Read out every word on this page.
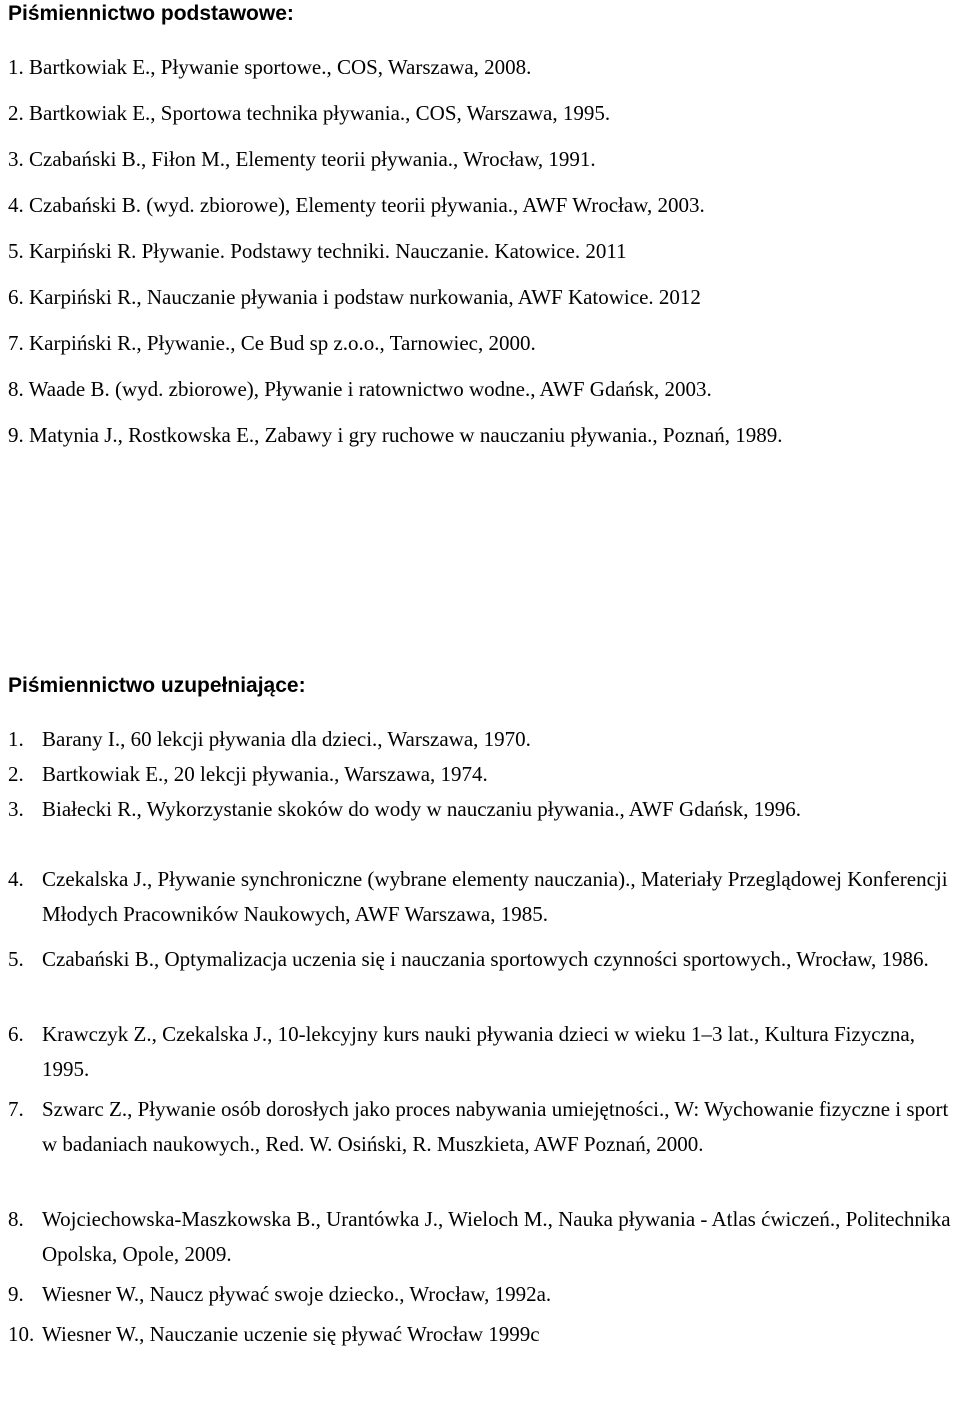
Piśmiennictwo podstawowe:
1. Bartkowiak E., Pływanie sportowe., COS, Warszawa, 2008.
2. Bartkowiak E., Sportowa technika pływania., COS, Warszawa, 1995.
3. Czabański B., Fiłon M., Elementy teorii pływania., Wrocław, 1991.
4. Czabański B. (wyd. zbiorowe), Elementy teorii pływania., AWF Wrocław, 2003.
5. Karpiński R. Pływanie. Podstawy techniki. Nauczanie. Katowice. 2011
6. Karpiński R., Nauczanie pływania i podstaw nurkowania, AWF Katowice. 2012
7. Karpiński R., Pływanie., Ce Bud sp z.o.o., Tarnowiec, 2000.
8. Waade B. (wyd. zbiorowe), Pływanie i ratownictwo wodne., AWF Gdańsk, 2003.
9. Matynia J., Rostkowska E., Zabawy i gry ruchowe w nauczaniu pływania., Poznań, 1989.
Piśmiennictwo uzupełniające:
1. Barany I., 60 lekcji pływania dla dzieci., Warszawa, 1970.
2. Bartkowiak E., 20 lekcji pływania., Warszawa, 1974.
3. Białecki R., Wykorzystanie skoków do wody w nauczaniu pływania., AWF Gdańsk, 1996.
4. Czekalska J., Pływanie synchroniczne (wybrane elementy nauczania)., Materiały Przeglądowej Konferencji Młodych Pracowników Naukowych, AWF Warszawa, 1985.
5. Czabański B., Optymalizacja uczenia się i nauczania sportowych czynności sportowych., Wrocław, 1986.
6. Krawczyk Z., Czekalska J., 10-lekcyjny kurs nauki pływania dzieci w wieku 1–3 lat., Kultura Fizyczna, 1995.
7. Szwarc Z., Pływanie osób dorosłych jako proces nabywania umiejętności., W: Wychowanie fizyczne i sport w badaniach naukowych., Red. W. Osiński, R. Muszkieta, AWF Poznań, 2000.
8. Wojciechowska-Maszkowska B., Urantówka J., Wieloch M., Nauka pływania - Atlas ćwiczeń., Politechnika Opolska, Opole, 2009.
9. Wiesner W., Naucz pływać swoje dziecko., Wrocław, 1992a.
10. Wiesner W., Nauczanie uczenie się pływać Wrocław 1999c
